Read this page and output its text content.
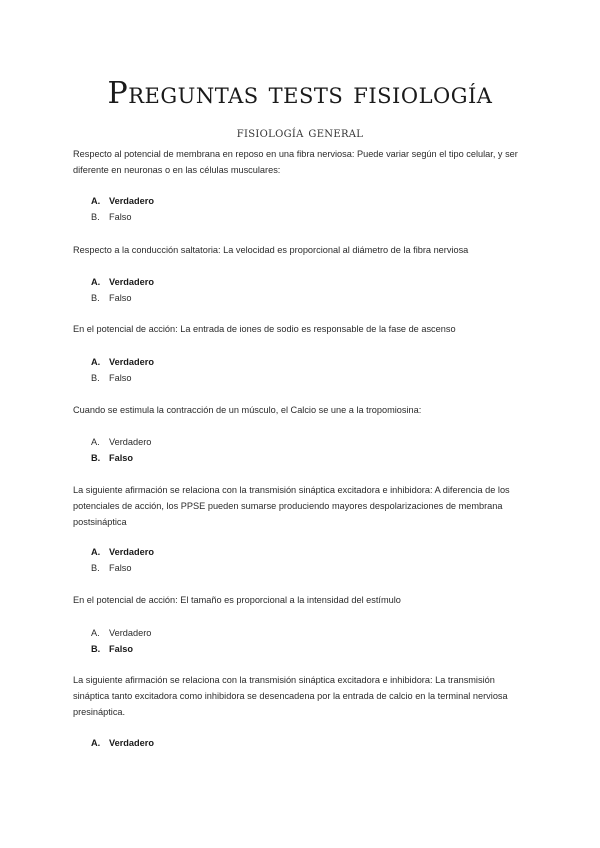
Preguntas tests fisiología
fisiología general

Respecto al potencial de membrana en reposo en una fibra nerviosa: Puede variar según el tipo celular, y ser diferente en neuronas o en las células musculares:

A. Verdadero
B. Falso

Respecto a la conducción saltatoria: La velocidad es proporcional al diámetro de la fibra nerviosa

A. Verdadero
B. Falso

En el potencial de acción: La entrada de iones de sodio es responsable de la fase de ascenso

A. Verdadero
B. Falso

Cuando se estimula la contracción de un músculo, el Calcio se une a la tropomiosina:

A. Verdadero
B. Falso

La siguiente afirmación se relaciona con la transmisión sináptica excitadora e inhibidora: A diferencia de los potenciales de acción, los PPSE pueden sumarse produciendo mayores despolarizaciones de membrana postsináptica

A. Verdadero
B. Falso

En el potencial de acción: El tamaño es proporcional a la intensidad del estímulo

A. Verdadero
B. Falso

La siguiente afirmación se relaciona con la transmisión sináptica excitadora e inhibidora: La transmisión sináptica tanto excitadora como inhibidora se desencadena por la entrada de calcio en la terminal nerviosa presináptica.

A. Verdadero
